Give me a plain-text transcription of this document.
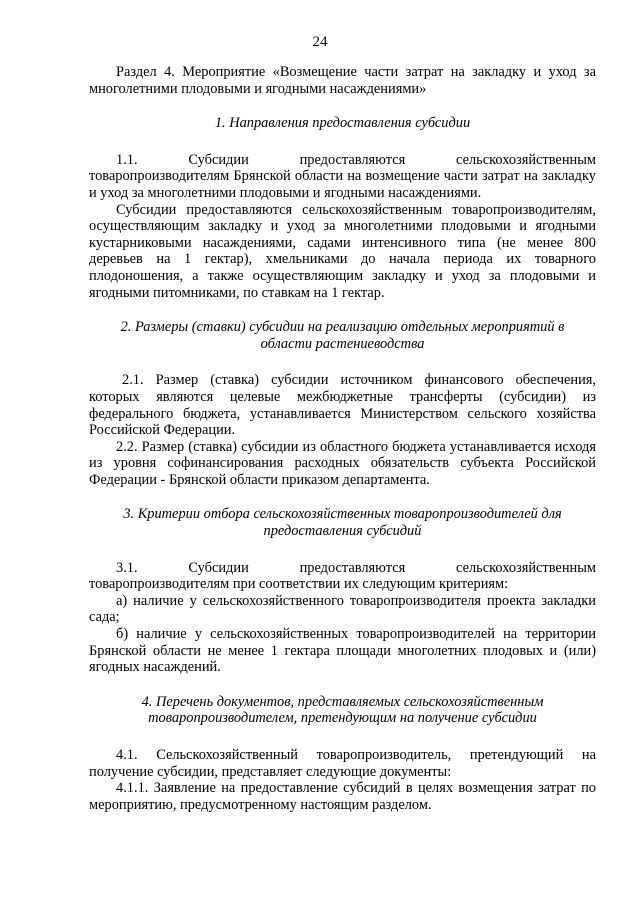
24

Раздел 4. Мероприятие «Возмещение части затрат на закладку и уход за многолетними плодовыми и ягодными насаждениями»

1. Направления предоставления субсидии

1.1. Субсидии предоставляются сельскохозяйственным товаропроизводителям Брянской области на возмещение части затрат на закладку и уход за многолетними плодовыми и ягодными насаждениями.

Субсидии предоставляются сельскохозяйственным товаропроизводителям, осуществляющим закладку и уход за многолетними плодовыми и ягодными кустарниковыми насаждениями, садами интенсивного типа (не менее 800 деревьев на 1 гектар), хмельниками до начала периода их товарного плодоношения, а также осуществляющим закладку и уход за плодовыми и ягодными питомниками, по ставкам на 1 гектар.

2. Размеры (ставки) субсидии на реализацию отдельных мероприятий в области растениеводства

2.1. Размер (ставка) субсидии источником финансового обеспечения, которых являются целевые межбюджетные трансферты (субсидии) из федерального бюджета, устанавливается Министерством сельского хозяйства Российской Федерации.

2.2. Размер (ставка) субсидии из областного бюджета устанавливается исходя из уровня софинансирования расходных обязательств субъекта Российской Федерации - Брянской области приказом департамента.

3. Критерии отбора сельскохозяйственных товаропроизводителей для предоставления субсидий

3.1. Субсидии предоставляются сельскохозяйственным товаропроизводителям при соответствии их следующим критериям:

а) наличие у сельскохозяйственного товаропроизводителя проекта закладки сада;

б) наличие у сельскохозяйственных товаропроизводителей на территории Брянской области не менее 1 гектара площади многолетних плодовых и (или) ягодных насаждений.

4. Перечень документов, представляемых сельскохозяйственным товаропроизводителем, претендующим на получение субсидии

4.1. Сельскохозяйственный товаропроизводитель, претендующий на получение субсидии, представляет следующие документы:

4.1.1. Заявление на предоставление субсидий в целях возмещения затрат по мероприятию, предусмотренному настоящим разделом.
